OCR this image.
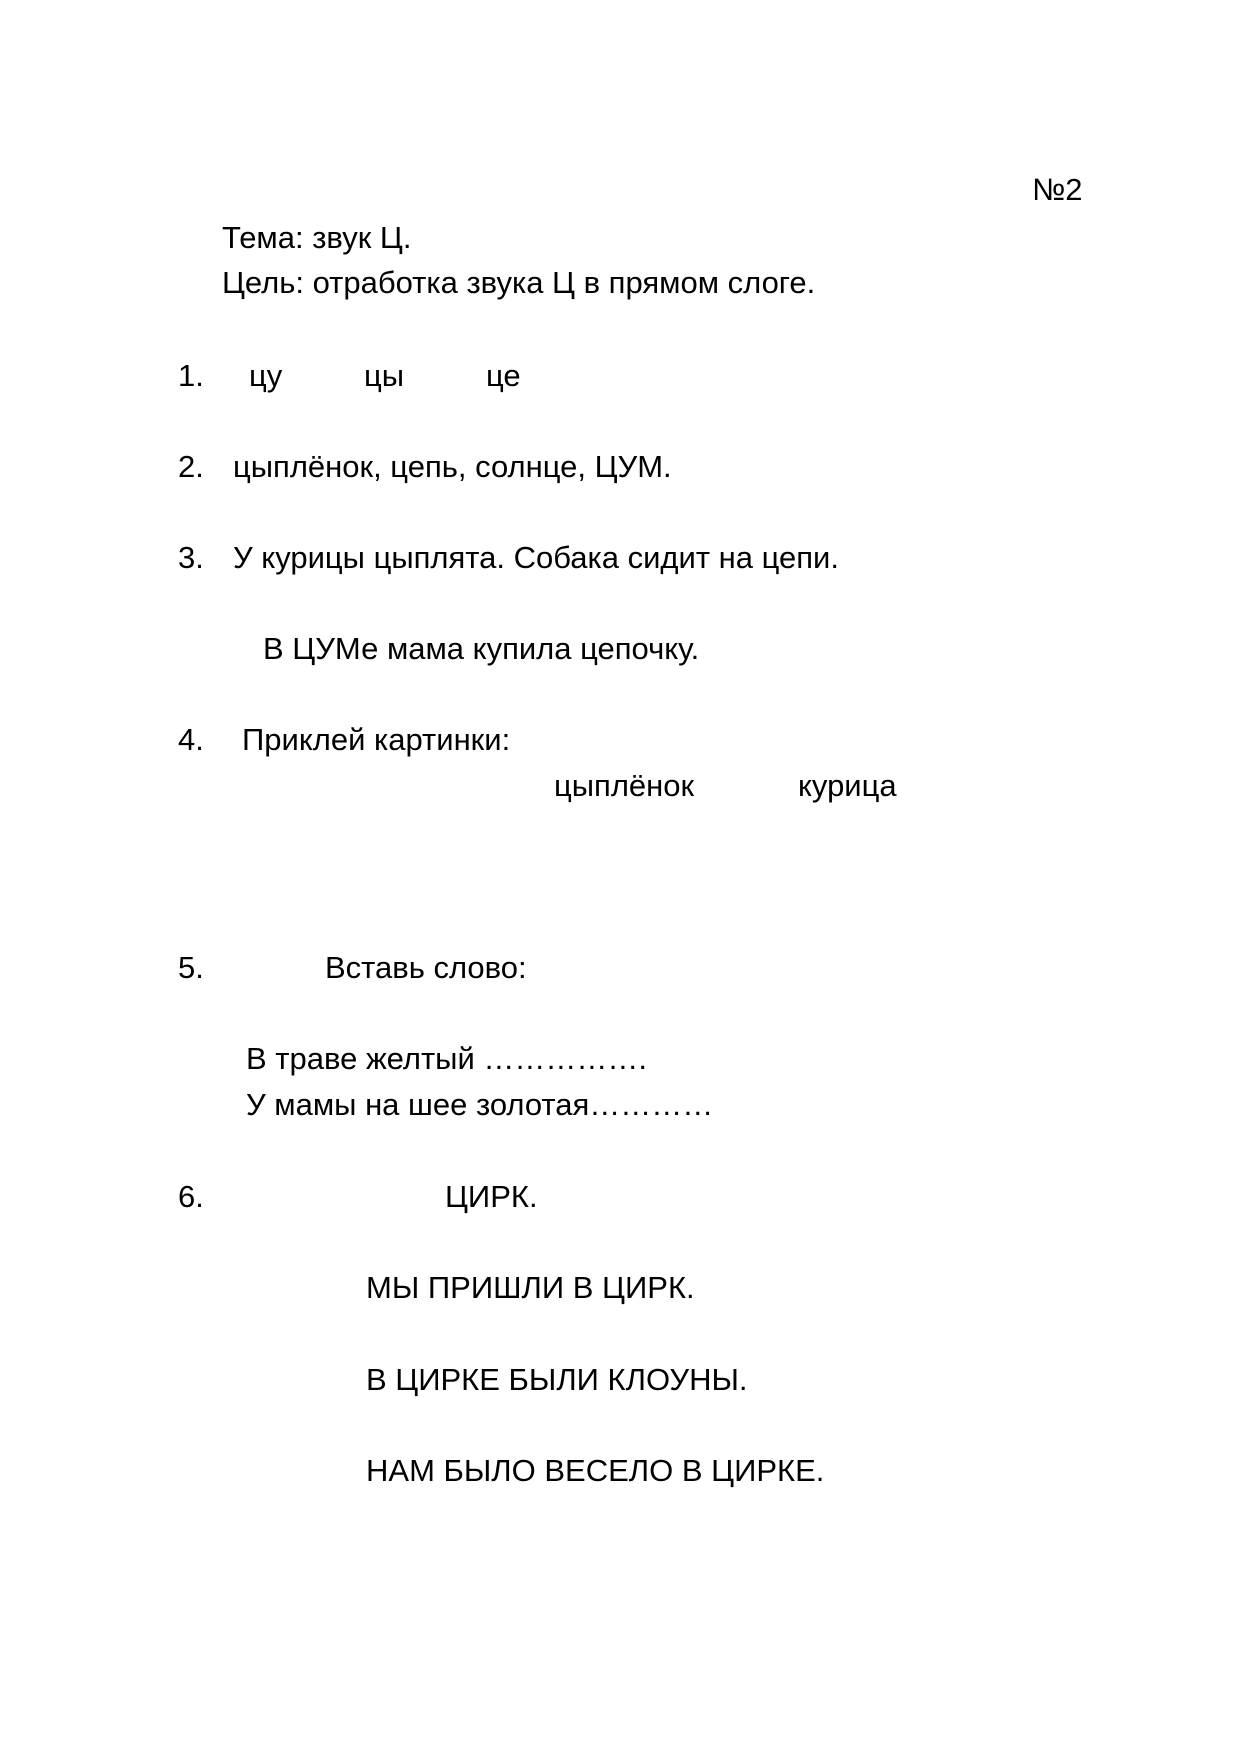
№2
Тема: звук Ц.
Цель: отработка звука Ц в прямом слоге.
1. цу	цы	це
2. цыплёнок, цепь, солнце, ЦУМ.
3. У курицы цыплята. Собака сидит на цепи.
В ЦУМе мама купила цепочку.
4. Приклей картинки:
цыплёнок	курица
5.	Вставь слово:
В траве желтый …………….
У мамы на шее золотая…………
6.	ЦИРК.
МЫ ПРИШЛИ В ЦИРК.
В ЦИРКЕ БЫЛИ КЛОУНЫ.
НАМ БЫЛО ВЕСЕЛО В ЦИРКЕ.
